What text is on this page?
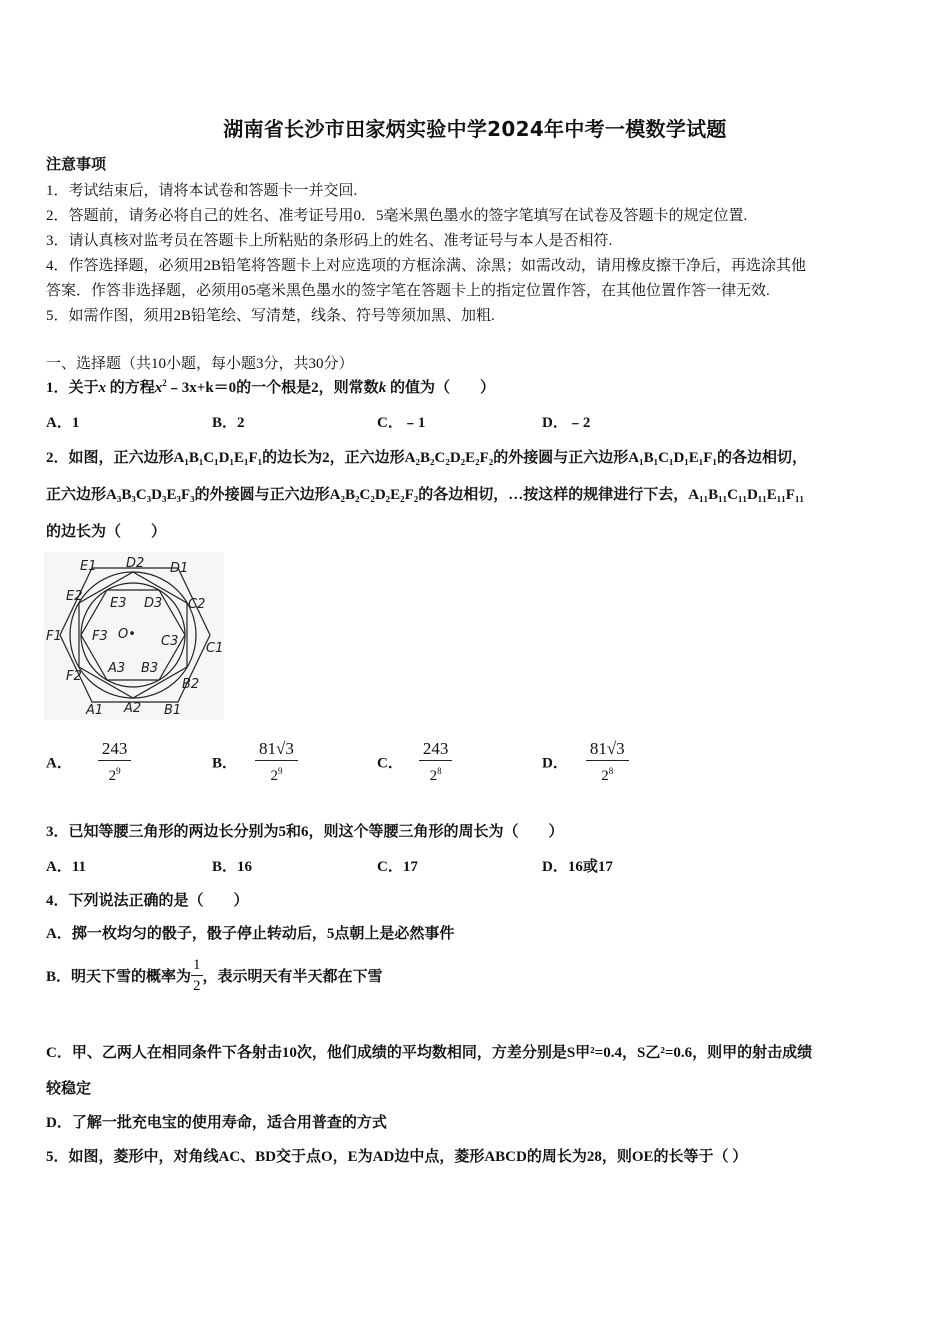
湖南省长沙市田家炳实验中学2024年中考一模数学试题
注意事项
1．考试结束后，请将本试卷和答题卡一并交回.
2．答题前，请务必将自己的姓名、准考证号用0．5毫米黑色墨水的签字笔填写在试卷及答题卡的规定位置.
3．请认真核对监考员在答题卡上所粘贴的条形码上的姓名、准考证号与本人是否相符.
4．作答选择题，必须用2B铅笔将答题卡上对应选项的方框涂满、涂黑；如需改动，请用橡皮擦干净后，再选涂其他
答案．作答非选择题，必须用05毫米黑色墨水的签字笔在答题卡上的指定位置作答，在其他位置作答一律无效.
5．如需作图，须用2B铅笔绘、写清楚，线条、符号等须加黑、加粗.
一、选择题（共10小题，每小题3分，共30分）
1．关于x 的方程$x^2﹣3x+k=0$的一个根是2，则常数k 的值为（　　）
A．1	B．2	C．﹣1	D．﹣2
2．如图，正六边形A₁B₁C₁D₁E₁F₁的边长为2，正六边形A₂B₂C₂D₂E₂F₂的外接圆与正六边形A₁B₁C₁D₁E₁F₁的各边相切，
正六边形A₃B₃C₃D₃E₃F₃的外接圆与正六边形A₂B₂C₂D₂E₂F₂的各边相切，…按这样的规律进行下去，A₁₁B₁₁C₁₁D₁₁E₁₁F₁₁
的边长为（　　）
E1 D2 D1
E2 E3 D3 C2
F1 F3 O• C3 C1
F2
A3 B3
B2
A1 A2 B1
A． $\frac{243}{2^9}$	B． $\frac{81√3}{2^9}$	C． $\frac{243}{2^8}$	D． $\frac{81√3}{2^8}$
3．已知等腰三角形的两边长分别为5和6，则这个等腰三角形的周长为（　　）
A．11	B．16	C．17	D．16或17
4．下列说法正确的是（　　）
A．掷一枚均匀的骰子，骰子停止转动后，5点朝上是必然事件
B．明天下雪的概率为 $\frac{1}{2}$ ，表示明天有半天都在下雪
C．甲、乙两人在相同条件下各射击10次，他们成绩的平均数相同，方差分别是S甲²=0.4，S乙²=0.6，则甲的射击成绩
较稳定
D．了解一批充电宝的使用寿命，适合用普查的方式
5．如图，菱形中，对角线AC、BD交于点O，E为AD边中点，菱形ABCD的周长为28，则OE的长等于（ ）
